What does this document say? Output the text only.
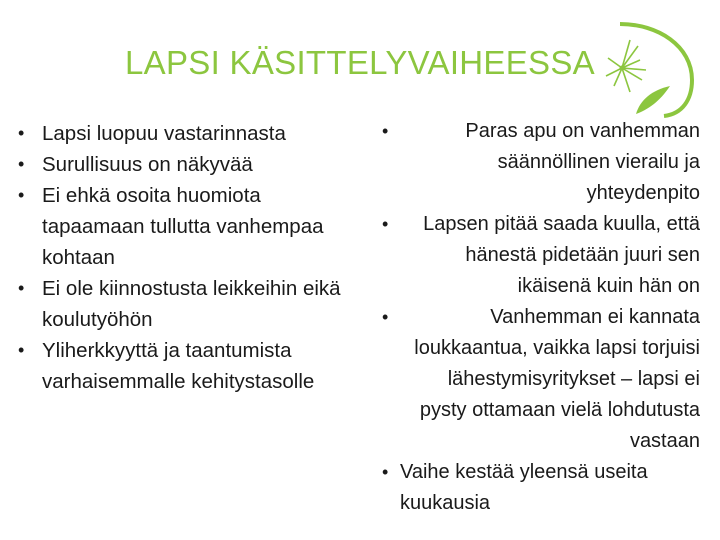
LAPSI KÄSITTELYVAIHEESSA
• Lapsi luopuu vastarinnasta
• Surullisuus on näkyvää
• Ei ehkä osoita huomiota tapaamaan tullutta vanhempaa kohtaan
• Ei ole kiinnostusta leikkeihin eikä koulutyöhön
• Yliherkkyyttä ja taantumista varhaisemmalle kehitystasolle
•	Paras apu on vanhemman säännöllinen vierailu ja yhteydenpito
•	Lapsen pitää saada kuulla, että hänestä pidetään juuri sen ikäisenä kuin hän on
•	Vanhemman ei kannata loukkaantua, vaikka lapsi torjuisi lähestymisyritykset – lapsi ei pysty ottamaan vielä lohdutusta vastaan
• Vaihe kestää yleensä useita kuukausia
